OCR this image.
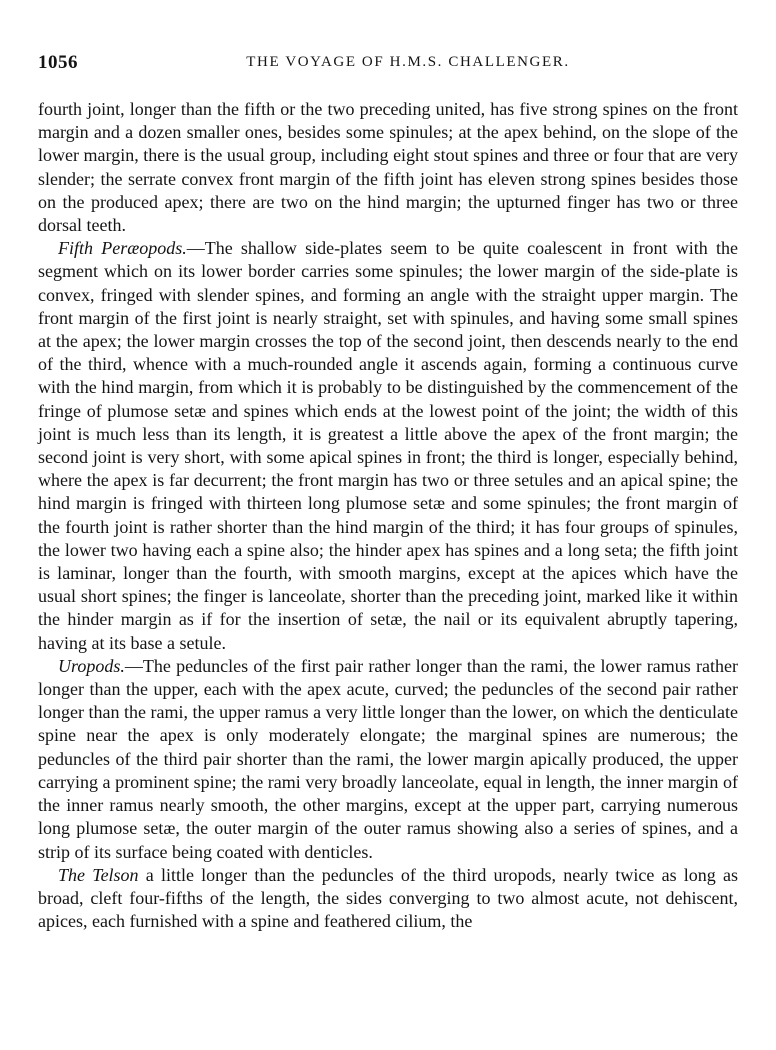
1056	THE VOYAGE OF H.M.S. CHALLENGER.

fourth joint, longer than the fifth or the two preceding united, has five strong spines on the front margin and a dozen smaller ones, besides some spinules; at the apex behind, on the slope of the lower margin, there is the usual group, including eight stout spines and three or four that are very slender; the serrate convex front margin of the fifth joint has eleven strong spines besides those on the produced apex; there are two on the hind margin; the upturned finger has two or three dorsal teeth.

Fifth Peræopods.—The shallow side-plates seem to be quite coalescent in front with the segment which on its lower border carries some spinules; the lower margin of the side-plate is convex, fringed with slender spines, and forming an angle with the straight upper margin. The front margin of the first joint is nearly straight, set with spinules, and having some small spines at the apex; the lower margin crosses the top of the second joint, then descends nearly to the end of the third, whence with a much-rounded angle it ascends again, forming a continuous curve with the hind margin, from which it is probably to be distinguished by the commencement of the fringe of plumose setæ and spines which ends at the lowest point of the joint; the width of this joint is much less than its length, it is greatest a little above the apex of the front margin; the second joint is very short, with some apical spines in front; the third is longer, especially behind, where the apex is far decurrent; the front margin has two or three setules and an apical spine; the hind margin is fringed with thirteen long plumose setæ and some spinules; the front margin of the fourth joint is rather shorter than the hind margin of the third; it has four groups of spinules, the lower two having each a spine also; the hinder apex has spines and a long seta; the fifth joint is laminar, longer than the fourth, with smooth margins, except at the apices which have the usual short spines; the finger is lanceolate, shorter than the preceding joint, marked like it within the hinder margin as if for the insertion of setæ, the nail or its equivalent abruptly tapering, having at its base a setule.

Uropods.—The peduncles of the first pair rather longer than the rami, the lower ramus rather longer than the upper, each with the apex acute, curved; the peduncles of the second pair rather longer than the rami, the upper ramus a very little longer than the lower, on which the denticulate spine near the apex is only moderately elongate; the marginal spines are numerous; the peduncles of the third pair shorter than the rami, the lower margin apically produced, the upper carrying a prominent spine; the rami very broadly lanceolate, equal in length, the inner margin of the inner ramus nearly smooth, the other margins, except at the upper part, carrying numerous long plumose setæ, the outer margin of the outer ramus showing also a series of spines, and a strip of its surface being coated with denticles.

The Telson a little longer than the peduncles of the third uropods, nearly twice as long as broad, cleft four-fifths of the length, the sides converging to two almost acute, not dehiscent, apices, each furnished with a spine and feathered cilium, the
